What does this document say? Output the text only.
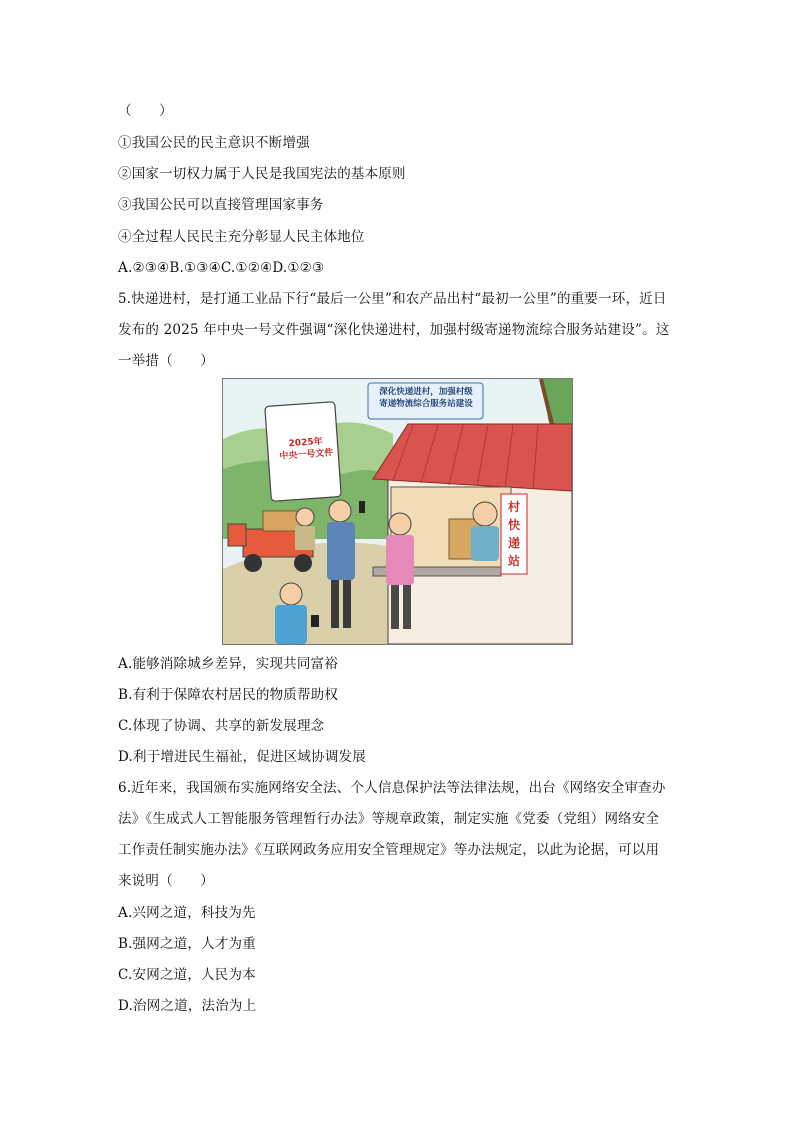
（　　）
①我国公民的民主意识不断增强
②国家一切权力属于人民是我国宪法的基本原则
③我国公民可以直接管理国家事务
④全过程人民民主充分彰显人民主体地位
A.②③④B.①③④C.①②④D.①②③
5.快递进村，是打通工业品下行“最后一公里”和农产品出村“最初一公里”的重要一环，近日
发布的 2025 年中央一号文件强调“深化快递进村，加强村级寄递物流综合服务站建设”。这
一举措（　　）
深化快递进村，加强村级
寄递物流综合服务站建设
2025年
中央一号文件
村
快
递
站
A.能够消除城乡差异，实现共同富裕
B.有利于保障农村居民的物质帮助权
C.体现了协调、共享的新发展理念
D.利于增进民生福祉，促进区域协调发展
6.近年来，我国颁布实施网络安全法、个人信息保护法等法律法规，出台《网络安全审查办
法》《生成式人工智能服务管理暂行办法》等规章政策，制定实施《党委（党组）网络安全
工作责任制实施办法》《互联网政务应用安全管理规定》等办法规定，以此为论据，可以用
来说明（　　）
A.兴网之道，科技为先
B.强网之道，人才为重
C.安网之道，人民为本
D.治网之道，法治为上
